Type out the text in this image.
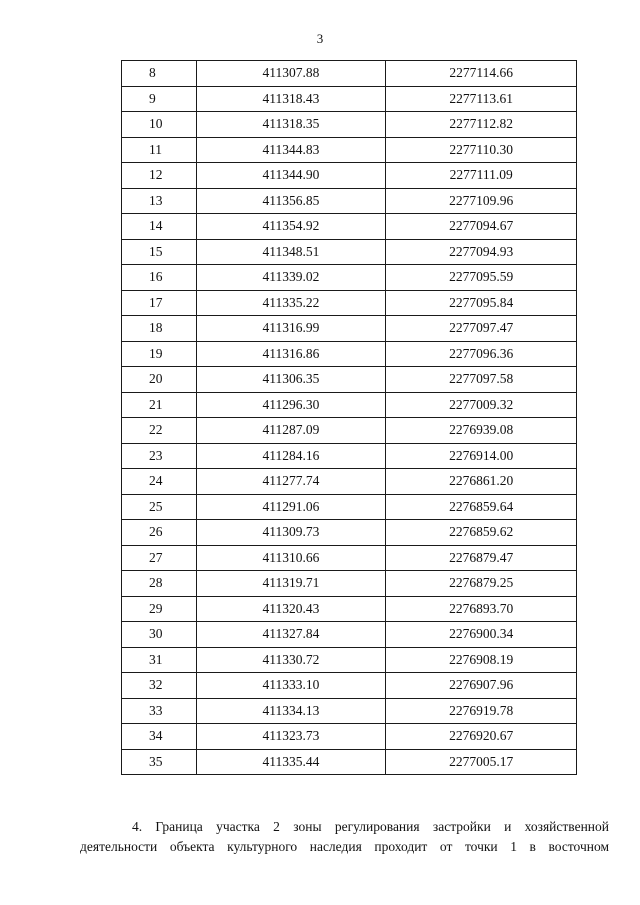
3
8	411307.88	2277114.66
9	411318.43	2277113.61
10	411318.35	2277112.82
11	411344.83	2277110.30
12	411344.90	2277111.09
13	411356.85	2277109.96
14	411354.92	2277094.67
15	411348.51	2277094.93
16	411339.02	2277095.59
17	411335.22	2277095.84
18	411316.99	2277097.47
19	411316.86	2277096.36
20	411306.35	2277097.58
21	411296.30	2277009.32
22	411287.09	2276939.08
23	411284.16	2276914.00
24	411277.74	2276861.20
25	411291.06	2276859.64
26	411309.73	2276859.62
27	411310.66	2276879.47
28	411319.71	2276879.25
29	411320.43	2276893.70
30	411327.84	2276900.34
31	411330.72	2276908.19
32	411333.10	2276907.96
33	411334.13	2276919.78
34	411323.73	2276920.67
35	411335.44	2277005.17
4. Граница участка 2 зоны регулирования застройки и хозяйственной
деятельности объекта культурного наследия проходит от точки 1 в восточном
